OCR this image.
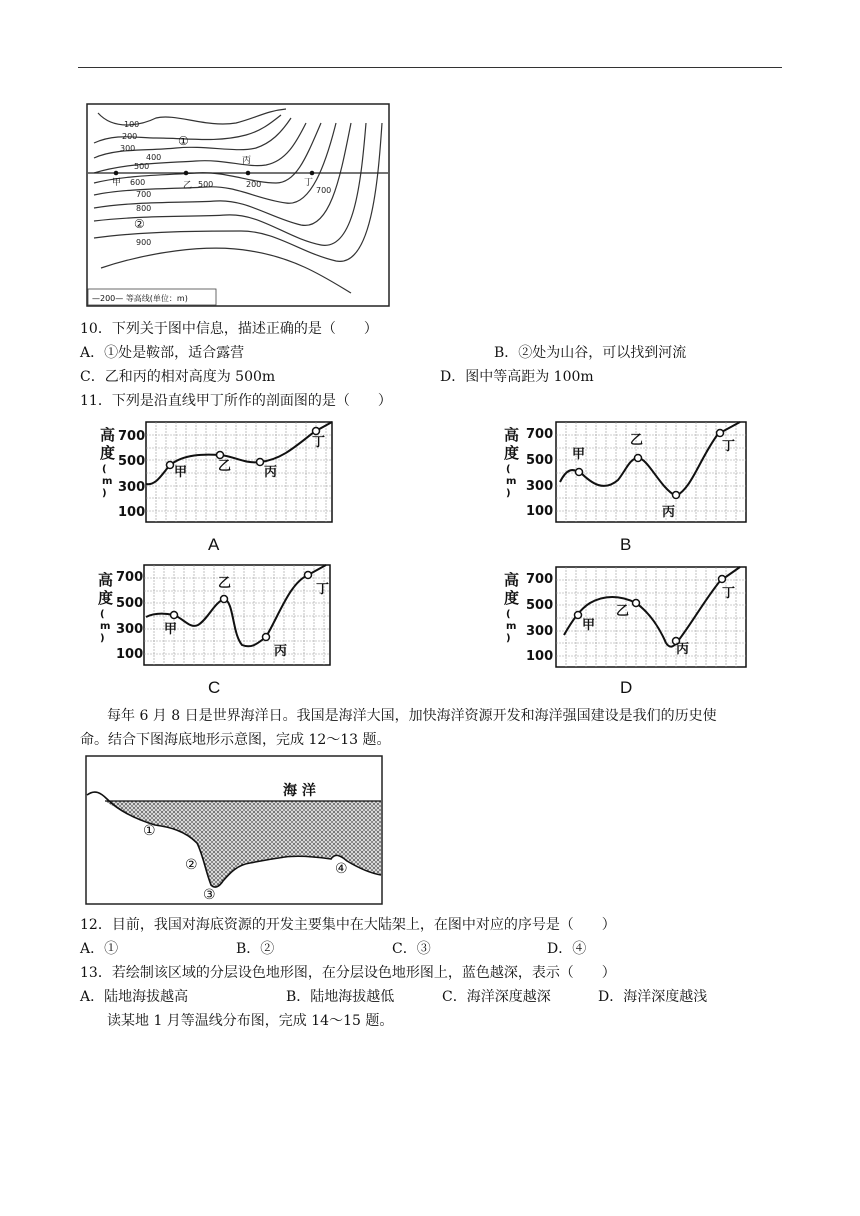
100
200
300
400
500
600
700
800
900
500	200
700
甲	乙
丙
丁
①
②
—200— 等高线(单位：m)
10．下列关于图中信息，描述正确的是（　　）
A．①处是鞍部，适合露营	B．②处为山谷，可以找到河流
C．乙和丙的相对高度为 500m	D．图中等高距为 100m
11．下列是沿直线甲丁所作的剖面图的是（　　）
高
度
(
m
)
700
500
300
100
甲 乙	丙
丁
A
高
度
(
m
)
700
500
300
100
甲
乙
丙
丁
B
高
度
(
m
)
700
500
300
100
甲
乙
丙
丁
C
高
度
(
m
)
700
500
300
100
甲
乙
丙
丁
D
每年 6 月 8 日是世界海洋日。我国是海洋大国，加快海洋资源开发和海洋强国建设是我们的历史使
命。结合下图海底地形示意图，完成 12～13 题。
海 洋
①
②
③
④
12．目前，我国对海底资源的开发主要集中在大陆架上，在图中对应的序号是（　　）
A．①	B．②	C．③	D．④
13．若绘制该区域的分层设色地形图，在分层设色地形图上，蓝色越深，表示（　　）
A．陆地海拔越高	B．陆地海拔越低	C．海洋深度越深	D．海洋深度越浅
读某地 1 月等温线分布图，完成 14～15 题。
